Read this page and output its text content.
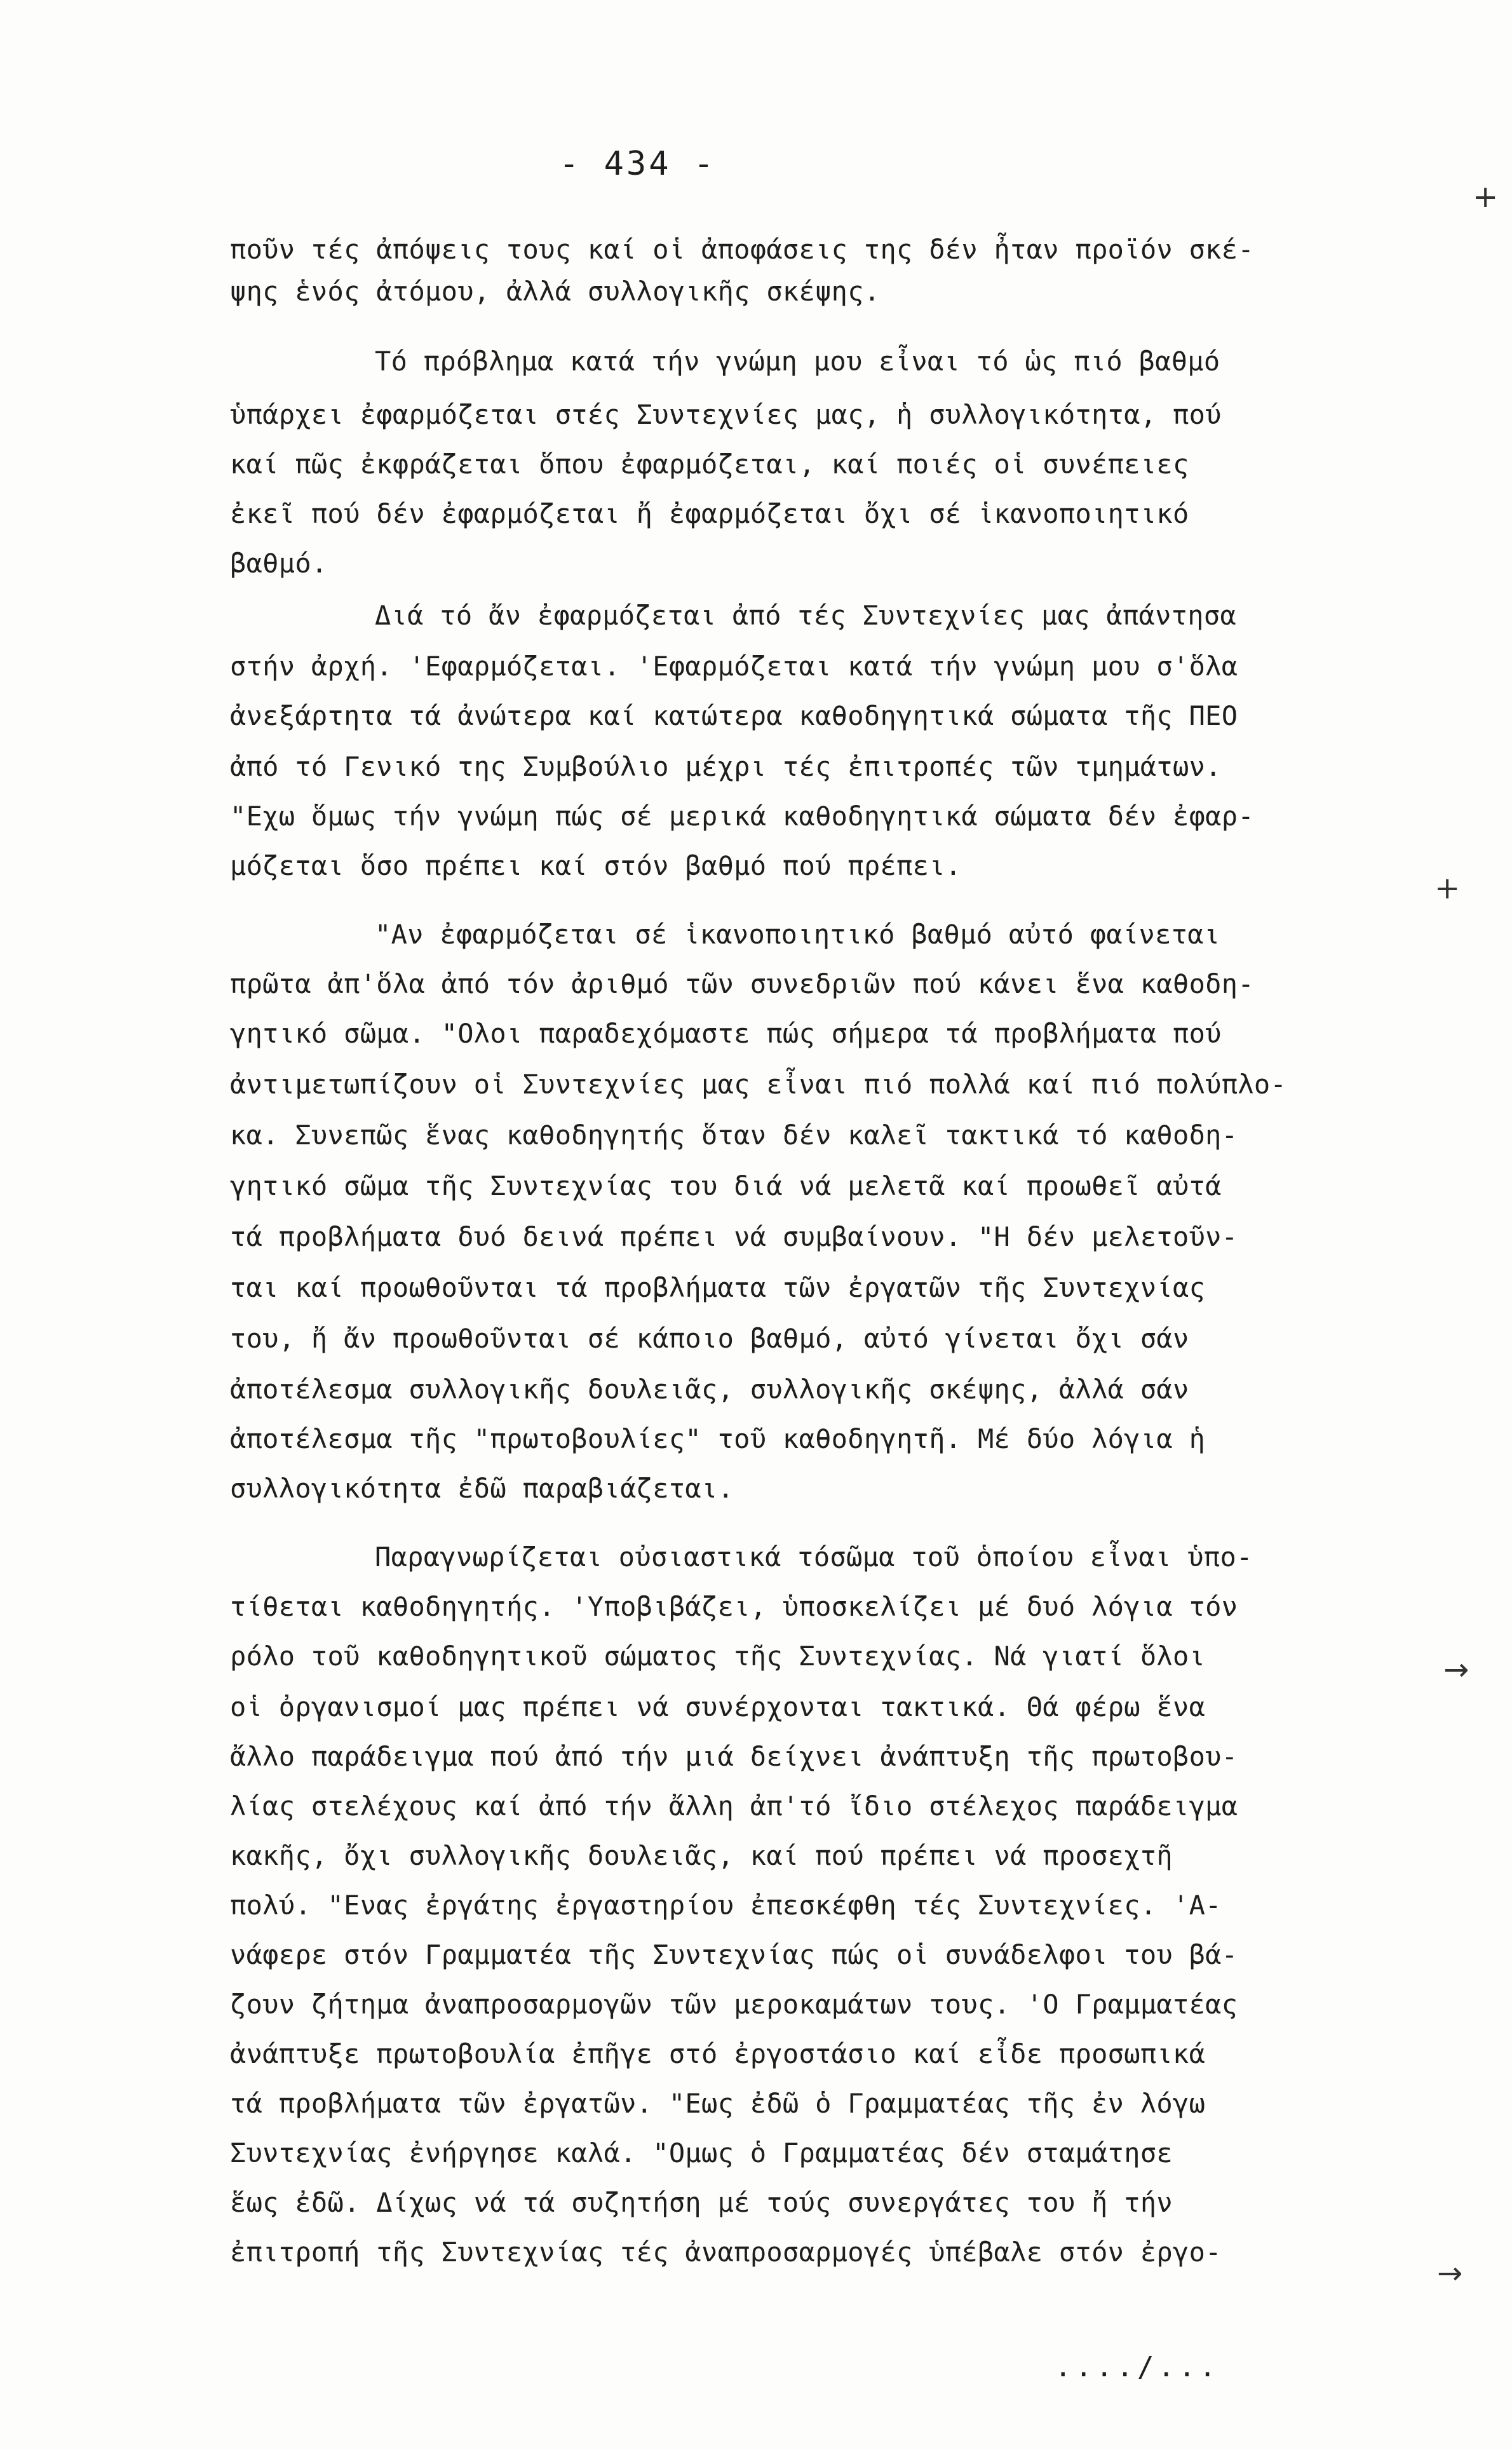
- 434 -
ποῦν τές ἀπόψεις τους καί οἱ ἀποφάσεις της δέν ἦταν προϊόν σκέ-
ψης ἑνός ἀτόμου, ἀλλά συλλογικῆς σκέψης.
Τό πρόβλημα κατά τήν γνώμη μου εἶναι τό ὡς πιό βαθμό
ὑπάρχει ἐφαρμόζεται στές Συντεχνίες μας, ἡ συλλογικότητα, πού
καί πῶς ἐκφράζεται ὅπου ἐφαρμόζεται, καί ποιές οἱ συνέπειες
ἐκεῖ πού δέν ἐφαρμόζεται ἤ ἐφαρμόζεται ὄχι σέ ἱκανοποιητικό
βαθμό.
Διά τό ἄν ἐφαρμόζεται ἀπό τές Συντεχνίες μας ἀπάντησα
στήν ἀρχή. 'Εφαρμόζεται. 'Εφαρμόζεται κατά τήν γνώμη μου σ'ὅλα
ἀνεξάρτητα τά ἀνώτερα καί κατώτερα καθοδηγητικά σώματα τῆς ΠΕΟ
ἀπό τό Γενικό της Συμβούλιο μέχρι τές ἐπιτροπές τῶν τμημάτων.
"Εχω ὅμως τήν γνώμη πώς σέ μερικά καθοδηγητικά σώματα δέν ἐφαρ-
μόζεται ὅσο πρέπει καί στόν βαθμό πού πρέπει.
"Αν ἐφαρμόζεται σέ ἱκανοποιητικό βαθμό αὐτό φαίνεται
πρῶτα ἀπ'ὅλα ἀπό τόν ἀριθμό τῶν συνεδριῶν πού κάνει ἕνα καθοδη-
γητικό σῶμα. "Ολοι παραδεχόμαστε πώς σήμερα τά προβλήματα πού
ἀντιμετωπίζουν οἱ Συντεχνίες μας εἶναι πιό πολλά καί πιό πολύπλο-
κα. Συνεπῶς ἕνας καθοδηγητής ὅταν δέν καλεῖ τακτικά τό καθοδη-
γητικό σῶμα τῆς Συντεχνίας του διά νά μελετᾶ καί προωθεῖ αὐτά
τά προβλήματα δυό δεινά πρέπει νά συμβαίνουν. "Η δέν μελετοῦν-
ται καί προωθοῦνται τά προβλήματα τῶν ἐργατῶν τῆς Συντεχνίας
του, ἤ ἄν προωθοῦνται σέ κάποιο βαθμό, αὐτό γίνεται ὄχι σάν
ἀποτέλεσμα συλλογικῆς δουλειᾶς, συλλογικῆς σκέψης, ἀλλά σάν
ἀποτέλεσμα τῆς "πρωτοβουλίες" τοῦ καθοδηγητῆ. Μέ δύο λόγια ἡ
συλλογικότητα ἐδῶ παραβιάζεται.
Παραγνωρίζεται οὐσιαστικά τόσῶμα τοῦ ὁποίου εἶναι ὑπο-
τίθεται καθοδηγητής. 'Υποβιβάζει, ὑποσκελίζει μέ δυό λόγια τόν
ρόλο τοῦ καθοδηγητικοῦ σώματος τῆς Συντεχνίας. Νά γιατί ὅλοι
οἱ ὀργανισμοί μας πρέπει νά συνέρχονται τακτικά. Θά φέρω ἕνα
ἄλλο παράδειγμα πού ἀπό τήν μιά δείχνει ἀνάπτυξη τῆς πρωτοβου-
λίας στελέχους καί ἀπό τήν ἄλλη ἀπ'τό ἴδιο στέλεχος παράδειγμα
κακῆς, ὄχι συλλογικῆς δουλειᾶς, καί πού πρέπει νά προσεχτῆ
πολύ. "Ενας ἐργάτης ἐργαστηρίου ἐπεσκέφθη τές Συντεχνίες. 'Α-
νάφερε στόν Γραμματέα τῆς Συντεχνίας πώς οἱ συνάδελφοι του βά-
ζουν ζήτημα ἀναπροσαρμογῶν τῶν μεροκαμάτων τους. 'Ο Γραμματέας
ἀνάπτυξε πρωτοβουλία ἐπῆγε στό ἐργοστάσιο καί εἶδε προσωπικά
τά προβλήματα τῶν ἐργατῶν. "Εως ἐδῶ ὁ Γραμματέας τῆς ἐν λόγω
Συντεχνίας ἐνήργησε καλά. "Ομως ὁ Γραμματέας δέν σταμάτησε
ἕως ἐδῶ. Δίχως νά τά συζητήση μέ τούς συνεργάτες του ἤ τήν
ἐπιτροπή τῆς Συντεχνίας τές ἀναπροσαρμογές ὑπέβαλε στόν ἐργο-
..../...
+
+
→
→
